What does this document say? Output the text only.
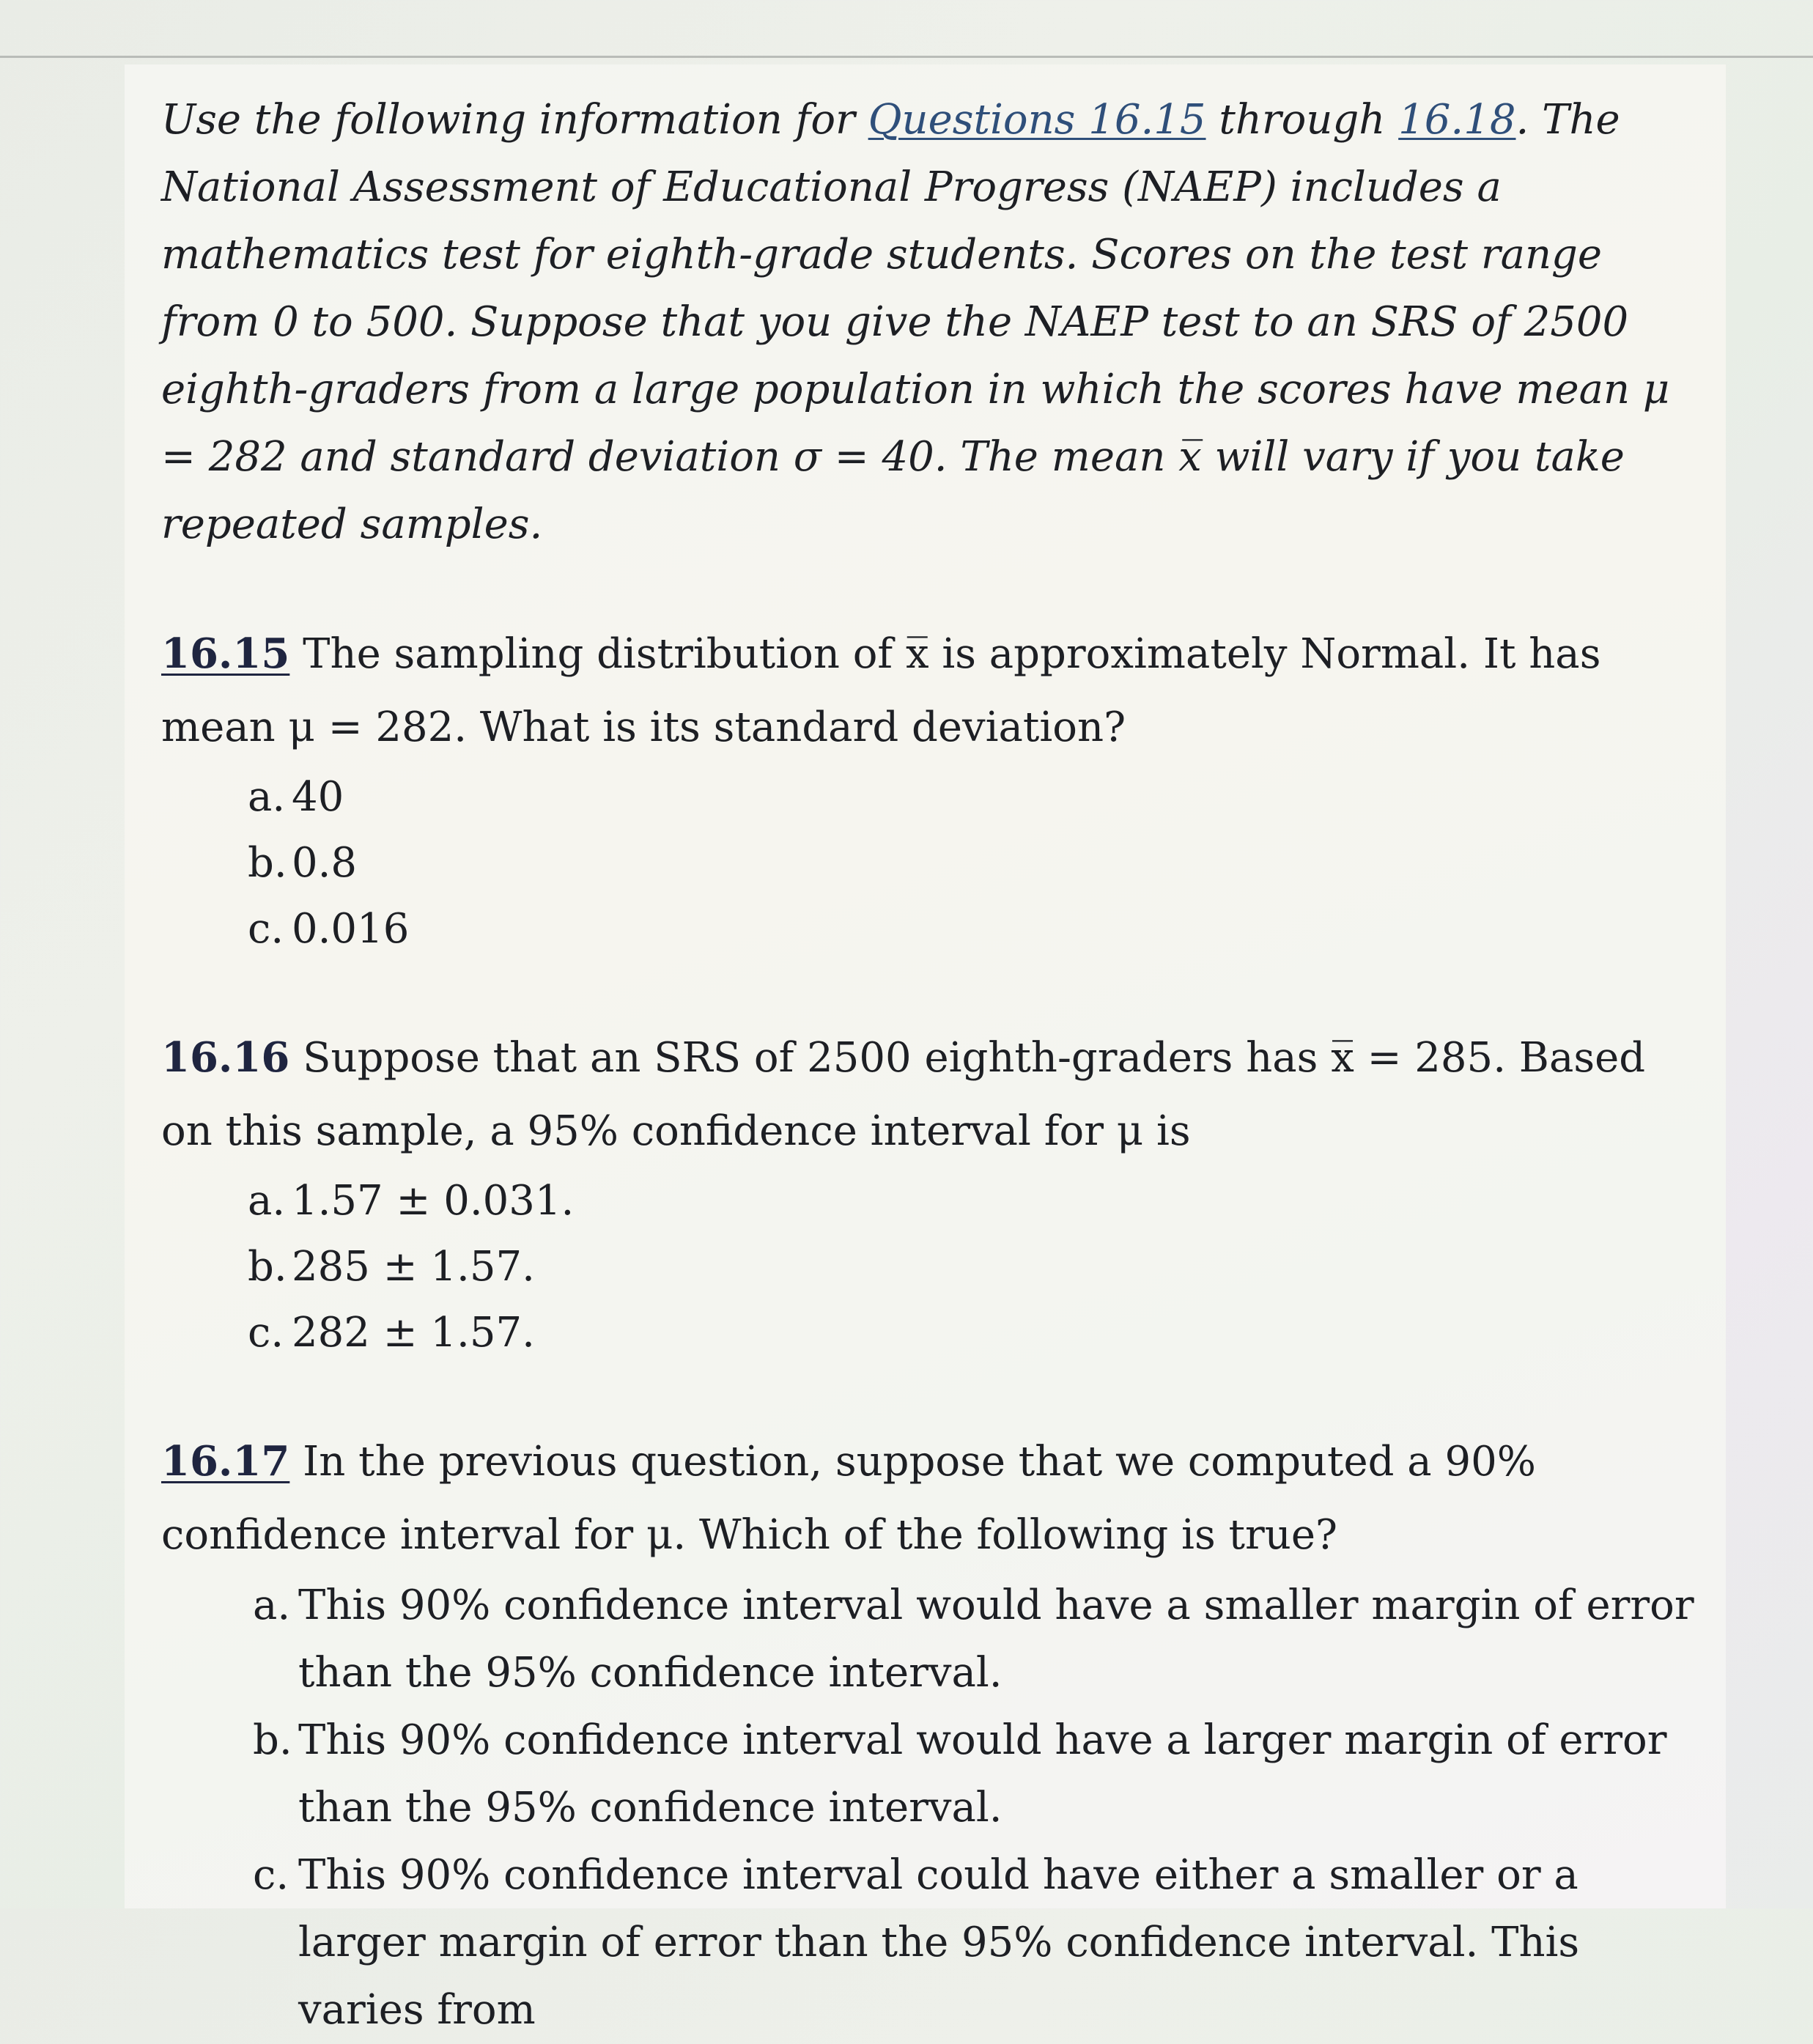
Use the following information for Questions 16.15 through 16.18. The National Assessment of Educational Progress (NAEP) includes a mathematics test for eighth-grade students. Scores on the test range from 0 to 500. Suppose that you give the NAEP test to an SRS of 2500 eighth-graders from a large population in which the scores have mean μ = 282 and standard deviation σ = 40. The mean x̅ will vary if you take repeated samples.

16.15 The sampling distribution of x̅ is approximately Normal. It has mean μ = 282. What is its standard deviation?
a. 40
b. 0.8
c. 0.016
16.16 Suppose that an SRS of 2500 eighth-graders has x̅ = 285. Based on this sample, a 95% confidence interval for μ is
a. 1.57 ± 0.031.
b. 285 ± 1.57.
c. 282 ± 1.57.
16.17 In the previous question, suppose that we computed a 90% confidence interval for μ. Which of the following is true?
a. This 90% confidence interval would have a smaller margin of error than the 95% confidence interval.
b. This 90% confidence interval would have a larger margin of error than the 95% confidence interval.
c. This 90% confidence interval could have either a smaller or a larger margin of error than the 95% confidence interval. This varies from
